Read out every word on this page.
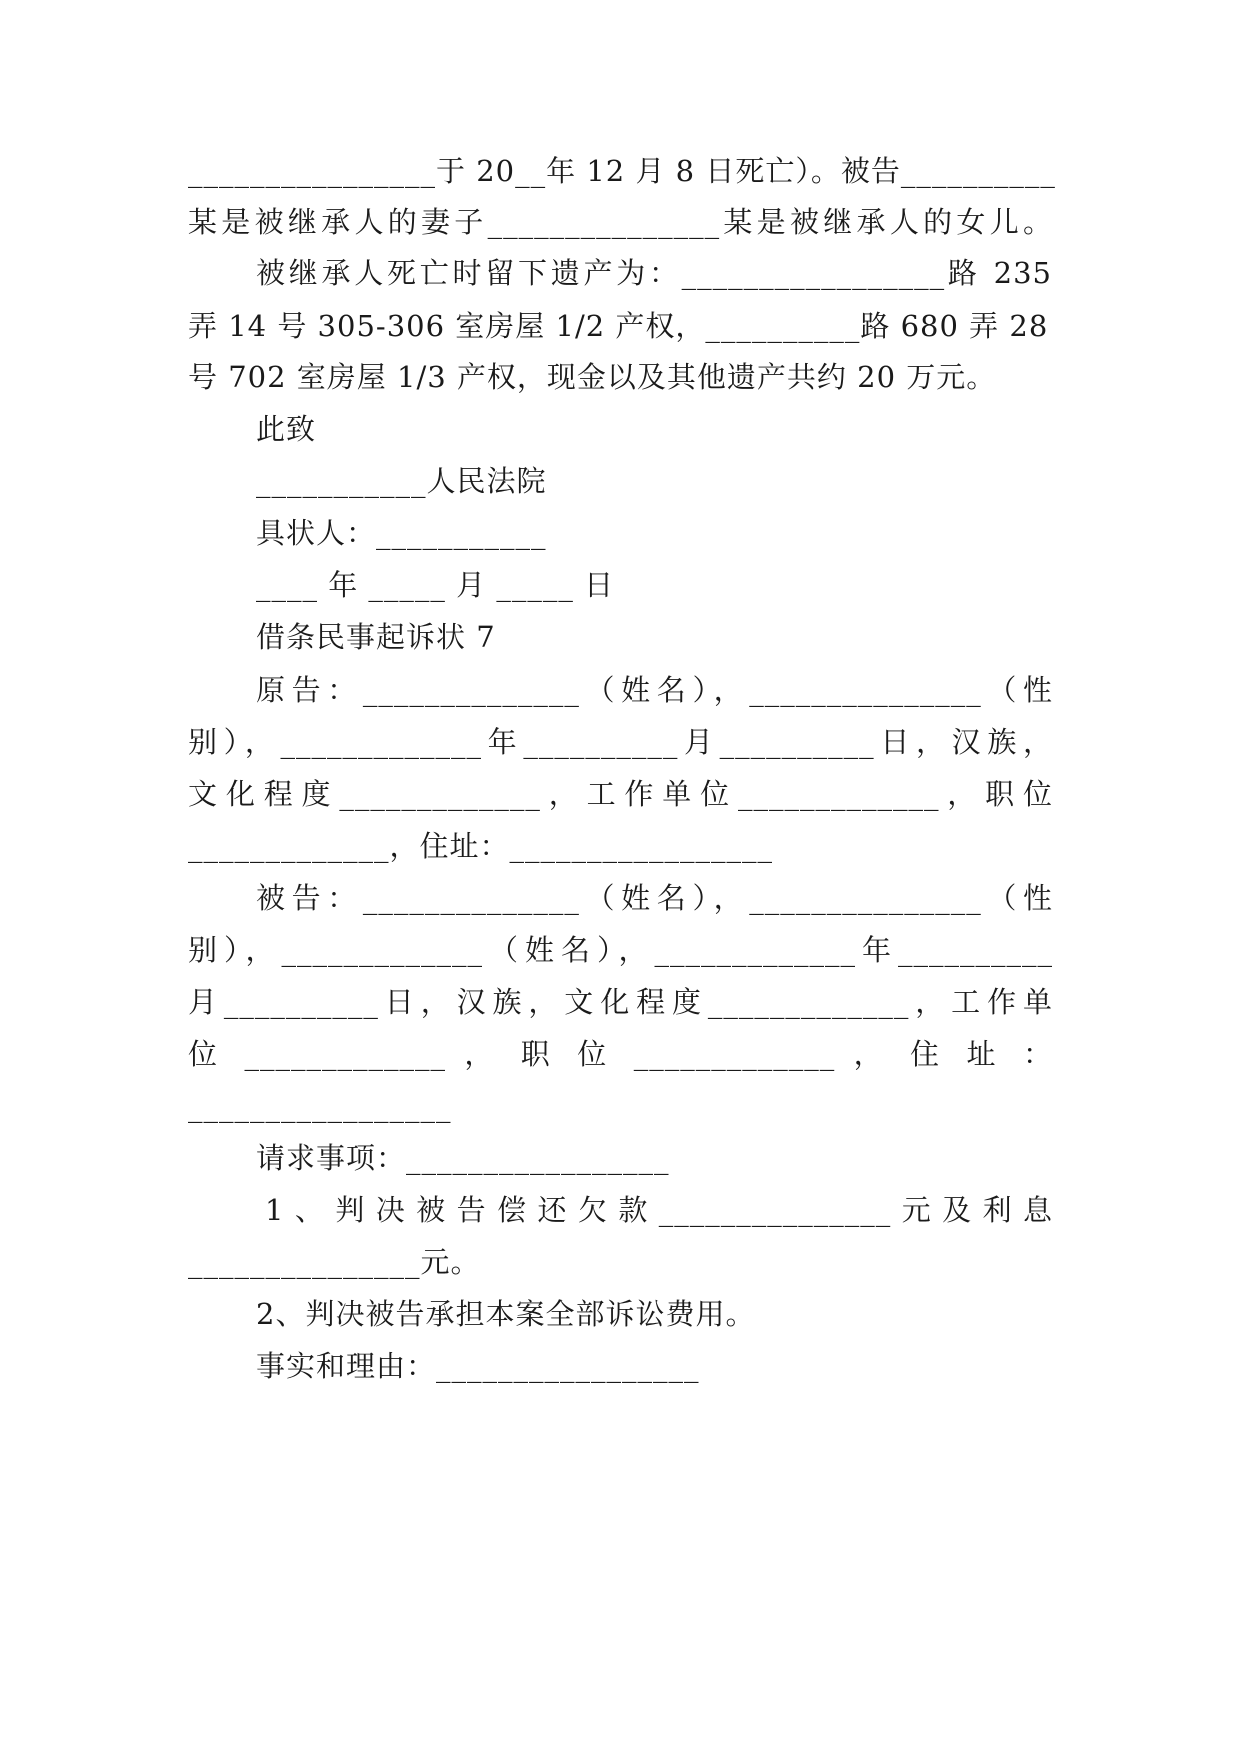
________________于 20__年 12 月 8 日死亡）。被告__________
某是被继承人的妻子_______________某是被继承人的女儿。
被继承人死亡时留下遗产为：_________________路 235
弄 14 号 305-306 室房屋 1/2 产权，__________路 680 弄 28
号 702 室房屋 1/3 产权，现金以及其他遗产共约 20 万元。
此致
___________人民法院
具状人：___________
____ 年 _____ 月 _____ 日
借条民事起诉状 7
原告：______________（姓名），_______________（性
别），_____________年__________月__________日，汉族，
文化程度_____________，工作单位_____________，职位
_____________，住址：_________________
被告：______________（姓名），_______________（性
别），_____________（姓名），_____________年__________
月__________日，汉族，文化程度_____________，工作单
位 _____________ ， 职 位 _____________ ， 住 址 ：
_________________
请求事项：_________________
1、判决被告偿还欠款_______________元及利息
_______________元。
2、判决被告承担本案全部诉讼费用。
事实和理由：_________________
